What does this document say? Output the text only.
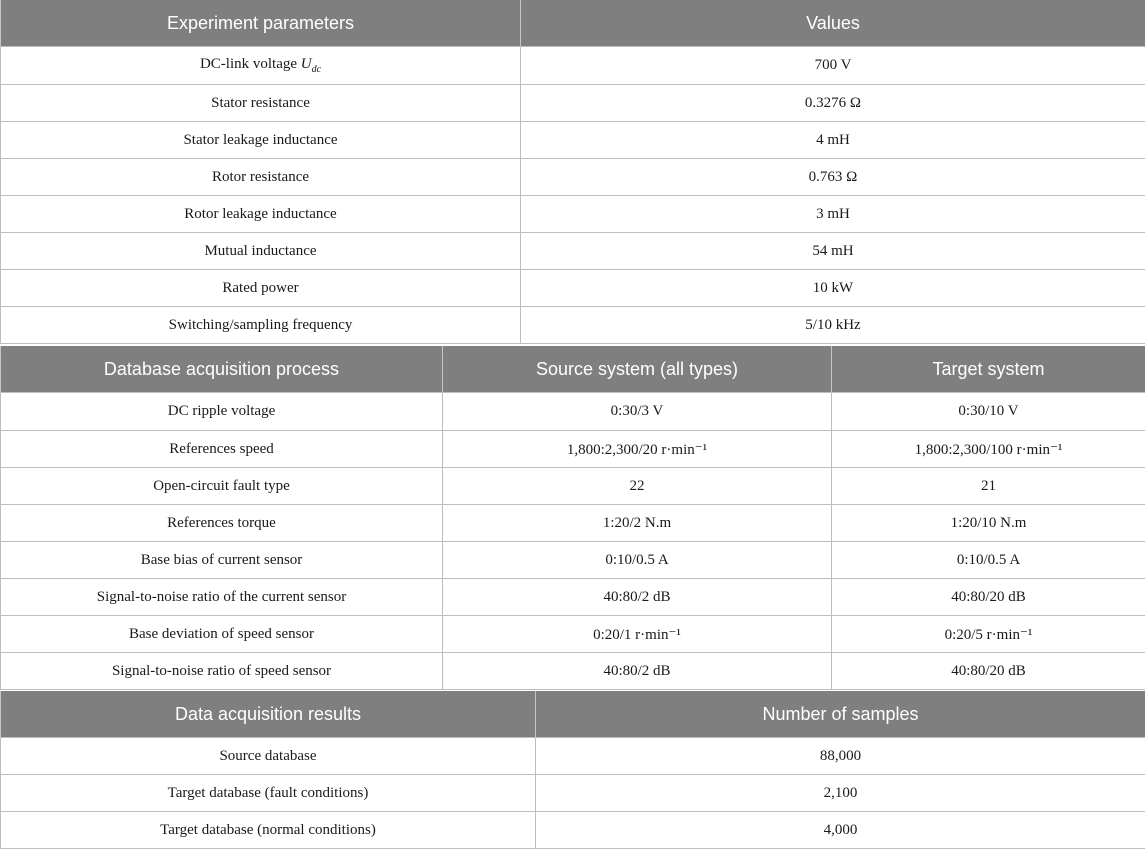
Experiment parameters	Values
DC-link voltage $U_{dc}$	700 V
Stator resistance	0.3276 Ω
Stator leakage inductance	4 mH
Rotor resistance	0.763 Ω
Rotor leakage inductance	3 mH
Mutual inductance	54 mH
Rated power	10 kW
Switching/sampling frequency	5/10 kHz
Database acquisition process	Source system (all types)	Target system
DC ripple voltage	0:30/3 V	0:30/10 V
References speed	1,800:2,300/20 r·min⁻¹	1,800:2,300/100 r·min⁻¹
Open-circuit fault type	22	21
References torque	1:20/2 N.m	1:20/10 N.m
Base bias of current sensor	0:10/0.5 A	0:10/0.5 A
Signal-to-noise ratio of the current sensor	40:80/2 dB	40:80/20 dB
Base deviation of speed sensor	0:20/1 r·min⁻¹	0:20/5 r·min⁻¹
Signal-to-noise ratio of speed sensor	40:80/2 dB	40:80/20 dB
Data acquisition results	Number of samples
Source database	88,000
Target database (fault conditions)	2,100
Target database (normal conditions)	4,000
